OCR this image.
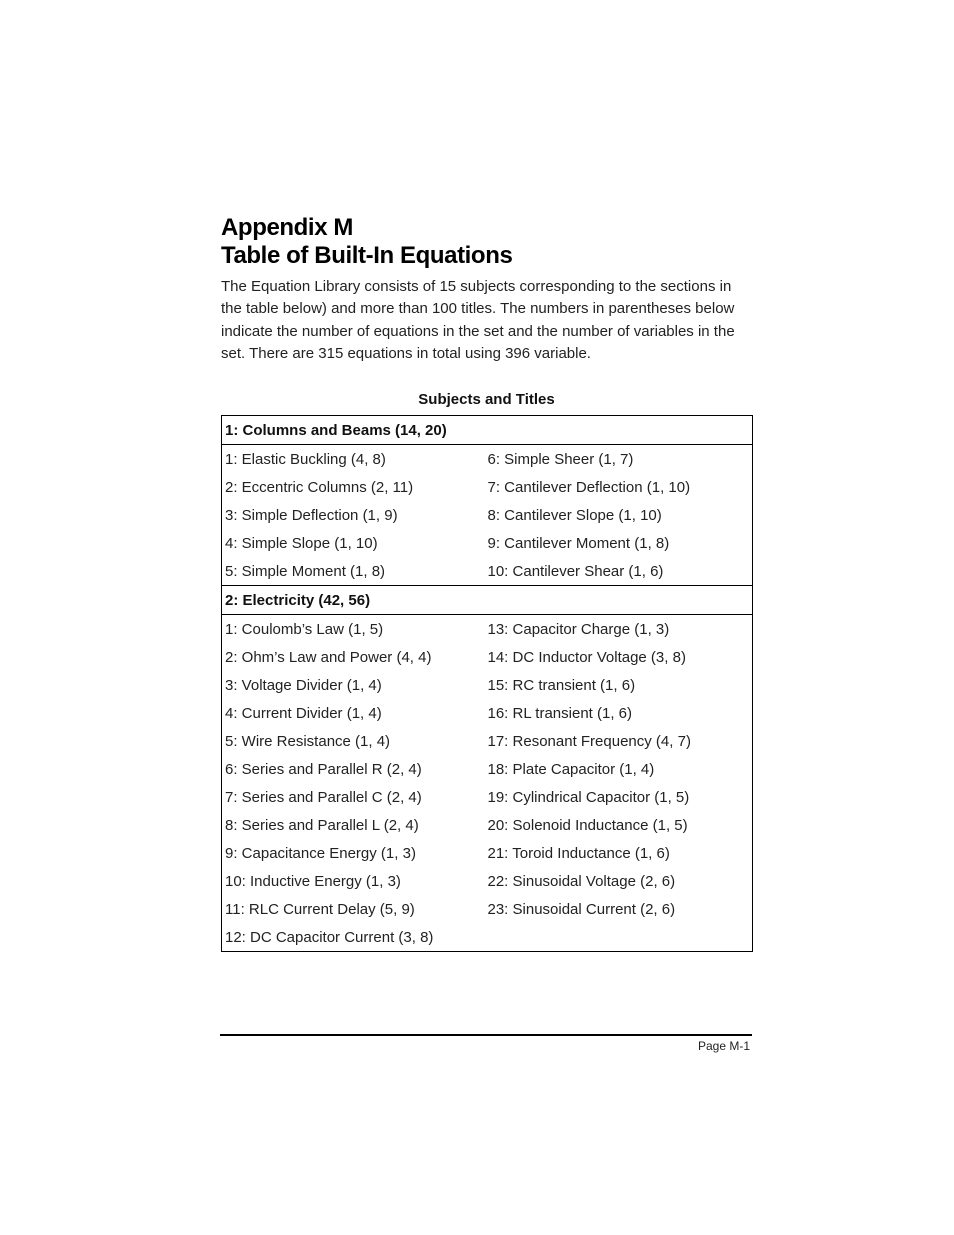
Appendix M
Table of Built-In Equations

The Equation Library consists of 15 subjects corresponding to the sections in the table below) and more than 100 titles. The numbers in parentheses below indicate the number of equations in the set and the number of variables in the set. There are 315 equations in total using 396 variable.

Subjects and Titles
1: Columns and Beams (14, 20)	
1: Elastic Buckling (4, 8)	6: Simple Sheer (1, 7)
2: Eccentric Columns (2, 11)	7: Cantilever Deflection (1, 10)
3: Simple Deflection (1, 9)	8: Cantilever Slope (1, 10)
4: Simple Slope (1, 10)	9: Cantilever Moment (1, 8)
5: Simple Moment (1, 8)	10: Cantilever Shear (1, 6)
2: Electricity (42, 56)	
1: Coulomb’s Law (1, 5)	13: Capacitor Charge (1, 3)
2: Ohm’s Law and Power (4, 4)	14: DC Inductor Voltage (3, 8)
3: Voltage Divider (1, 4)	15: RC transient (1, 6)
4: Current Divider (1, 4)	16: RL transient (1, 6)
5: Wire Resistance (1, 4)	17: Resonant Frequency (4, 7)
6: Series and Parallel R (2, 4)	18: Plate Capacitor (1, 4)
7: Series and Parallel C (2, 4)	19: Cylindrical Capacitor (1, 5)
8: Series and Parallel L (2, 4)	20: Solenoid Inductance (1, 5)
9: Capacitance Energy (1, 3)	21: Toroid Inductance (1, 6)
10: Inductive Energy (1, 3)	22: Sinusoidal Voltage (2, 6)
11: RLC Current Delay (5, 9)	23: Sinusoidal Current (2, 6)
12: DC Capacitor Current (3, 8)	
Page M-1
